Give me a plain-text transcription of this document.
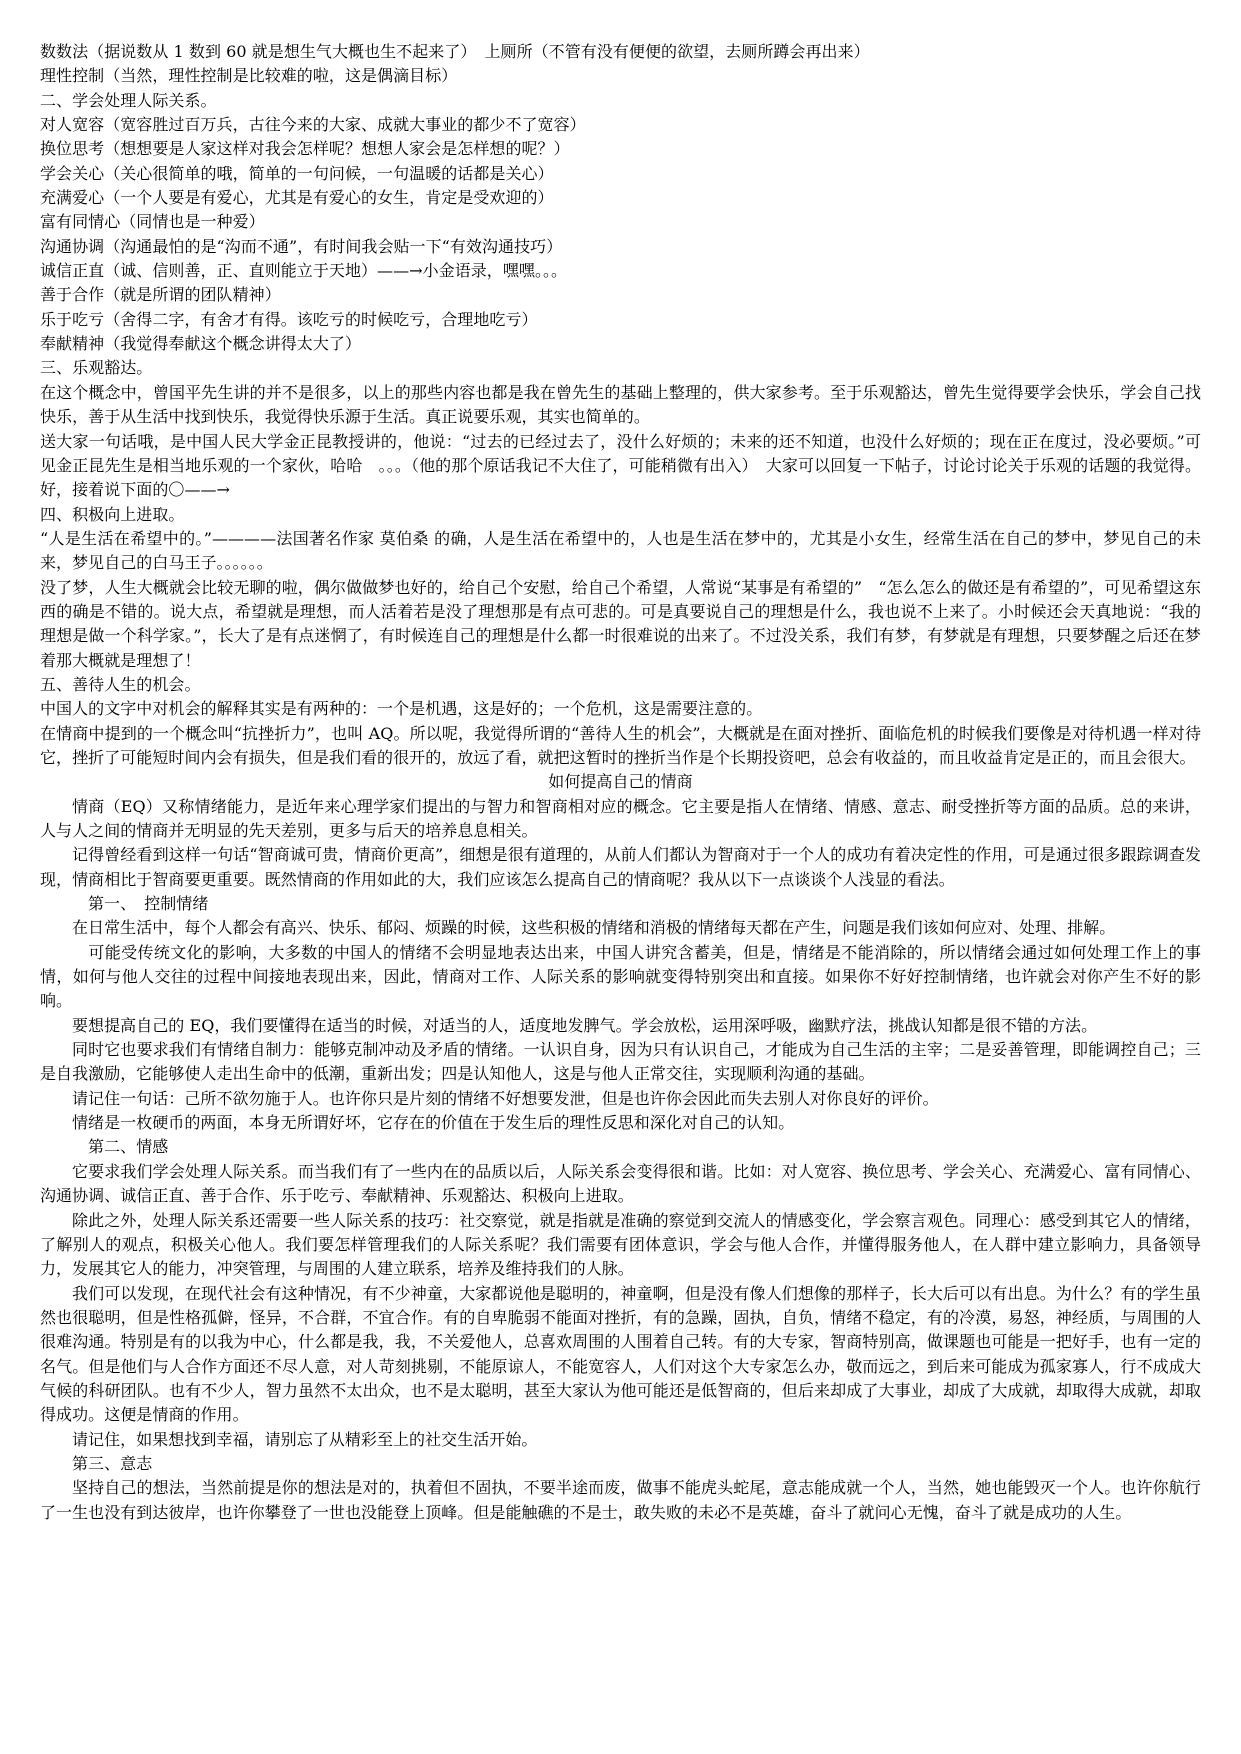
数数法（据说数从 1 数到 60 就是想生气大概也生不起来了）　上厕所（不管有没有便便的欲望，去厕所蹲会再出来）

理性控制（当然，理性控制是比较难的啦，这是偶滴目标）

二、学会处理人际关系。

对人宽容（宽容胜过百万兵，古往今来的大家、成就大事业的都少不了宽容）

换位思考（想想要是人家这样对我会怎样呢？想想人家会是怎样想的呢？）

学会关心（关心很简单的哦，简单的一句问候，一句温暖的话都是关心）

充满爱心（一个人要是有爱心，尤其是有爱心的女生，肯定是受欢迎的）

富有同情心（同情也是一种爱）

沟通协调（沟通最怕的是“沟而不通”，有时间我会贴一下“有效沟通技巧）

诚信正直（诚、信则善，正、直则能立于天地）——→小金语录，嘿嘿。。。

善于合作（就是所谓的团队精神）

乐于吃亏（舍得二字，有舍才有得。该吃亏的时候吃亏，合理地吃亏）

奉献精神（我觉得奉献这个概念讲得太大了）

三、乐观豁达。

在这个概念中，曾国平先生讲的并不是很多，以上的那些内容也都是我在曾先生的基础上整理的，供大家参考。至于乐观豁达，曾先生觉得要学会快乐，学会自己找快乐，善于从生活中找到快乐，我觉得快乐源于生活。真正说要乐观，其实也简单的。

送大家一句话哦，是中国人民大学金正昆教授讲的，他说：“过去的已经过去了，没什么好烦的；未来的还不知道，也没什么好烦的；现在正在度过，没必要烦。”可见金正昆先生是相当地乐观的一个家伙，哈哈　。。。（他的那个原话我记不大住了，可能稍微有出入）　大家可以回复一下帖子，讨论讨论关于乐观的话题的我觉得。好，接着说下面的〇——→

四、积极向上进取。

“人是生活在希望中的。”————法国著名作家 莫伯桑 的确，人是生活在希望中的，人也是生活在梦中的，尤其是小女生，经常生活在自己的梦中，梦见自己的未来，梦见自己的白马王子。。。。。。

没了梦，人生大概就会比较无聊的啦，偶尔做做梦也好的，给自己个安慰，给自己个希望，人常说“某事是有希望的”　“怎么怎么的做还是有希望的”，可见希望这东西的确是不错的。说大点，希望就是理想，而人活着若是没了理想那是有点可悲的。可是真要说自己的理想是什么，我也说不上来了。小时候还会天真地说：“我的理想是做一个科学家。”，长大了是有点迷惘了，有时候连自己的理想是什么都一时很难说的出来了。不过没关系，我们有梦，有梦就是有理想，只要梦醒之后还在梦着那大概就是理想了！

五、善待人生的机会。

中国人的文字中对机会的解释其实是有两种的：一个是机遇，这是好的；一个危机，这是需要注意的。

在情商中提到的一个概念叫“抗挫折力”，也叫 AQ。所以呢，我觉得所谓的“善待人生的机会”，大概就是在面对挫折、面临危机的时候我们要像是对待机遇一样对待它，挫折了可能短时间内会有损失，但是我们看的很开的，放远了看，就把这暂时的挫折当作是个长期投资吧，总会有收益的，而且收益肯定是正的，而且会很大。

如何提高自己的情商

情商（EQ）又称情绪能力，是近年来心理学家们提出的与智力和智商相对应的概念。它主要是指人在情绪、情感、意志、耐受挫折等方面的品质。总的来讲，人与人之间的情商并无明显的先天差别，更多与后天的培养息息相关。

记得曾经看到这样一句话“智商诚可贵，情商价更高”，细想是很有道理的，从前人们都认为智商对于一个人的成功有着决定性的作用，可是通过很多跟踪调查发现，情商相比于智商要更重要。既然情商的作用如此的大，我们应该怎么提高自己的情商呢？我从以下一点谈谈个人浅显的看法。

第一、　控制情绪

在日常生活中，每个人都会有高兴、快乐、郁闷、烦躁的时候，这些积极的情绪和消极的情绪每天都在产生，问题是我们该如何应对、处理、排解。

　可能受传统文化的影响，大多数的中国人的情绪不会明显地表达出来，中国人讲究含蓄美，但是，情绪是不能消除的，所以情绪会通过如何处理工作上的事情，如何与他人交往的过程中间接地表现出来，因此，情商对工作、人际关系的影响就变得特别突出和直接。如果你不好好控制情绪，也许就会对你产生不好的影响。

要想提高自己的 EQ，我们要懂得在适当的时候，对适当的人，适度地发脾气。学会放松，运用深呼吸，幽默疗法，挑战认知都是很不错的方法。

同时它也要求我们有情绪自制力：能够克制冲动及矛盾的情绪。一认识自身，因为只有认识自己，才能成为自己生活的主宰；二是妥善管理，即能调控自己；三是自我激励，它能够使人走出生命中的低潮，重新出发；四是认知他人，这是与他人正常交往，实现顺利沟通的基础。

请记住一句话：己所不欲勿施于人。也许你只是片刻的情绪不好想要发泄，但是也许你会因此而失去别人对你良好的评价。

情绪是一枚硬币的两面，本身无所谓好坏，它存在的价值在于发生后的理性反思和深化对自己的认知。

　第二、情感

它要求我们学会处理人际关系。而当我们有了一些内在的品质以后，人际关系会变得很和谐。比如：对人宽容、换位思考、学会关心、充满爱心、富有同情心、沟通协调、诚信正直、善于合作、乐于吃亏、奉献精神、乐观豁达、积极向上进取。

除此之外，处理人际关系还需要一些人际关系的技巧：社交察觉，就是指就是准确的察觉到交流人的情感变化，学会察言观色。同理心：感受到其它人的情绪，了解别人的观点，积极关心他人。我们要怎样管理我们的人际关系呢？我们需要有团体意识，学会与他人合作，并懂得服务他人，在人群中建立影响力，具备领导力，发展其它人的能力，冲突管理，与周围的人建立联系，培养及维持我们的人脉。

我们可以发现，在现代社会有这种情况，有不少神童，大家都说他是聪明的，神童啊，但是没有像人们想像的那样子，长大后可以有出息。为什么？有的学生虽然也很聪明，但是性格孤僻，怪异，不合群，不宜合作。有的自卑脆弱不能面对挫折，有的急躁，固执，自负，情绪不稳定，有的冷漠，易怒，神经质，与周围的人很难沟通。特别是有的以我为中心，什么都是我，我，不关爱他人，总喜欢周围的人围着自己转。有的大专家，智商特别高，做课题也可能是一把好手，也有一定的名气。但是他们与人合作方面还不尽人意，对人苛刻挑剔，不能原谅人，不能宽容人，人们对这个大专家怎么办，敬而远之，到后来可能成为孤家寡人，行不成成大气候的科研团队。也有不少人，智力虽然不太出众，也不是太聪明，甚至大家认为他可能还是低智商的，但后来却成了大事业，却成了大成就，却取得大成就，却取得成功。这便是情商的作用。

请记住，如果想找到幸福，请别忘了从精彩至上的社交生活开始。

第三、意志

坚持自己的想法，当然前提是你的想法是对的，执着但不固执，不要半途而废，做事不能虎头蛇尾，意志能成就一个人，当然，她也能毁灭一个人。也许你航行了一生也没有到达彼岸，也许你攀登了一世也没能登上顶峰。但是能触礁的不是士，敢失败的未必不是英雄，奋斗了就问心无愧，奋斗了就是成功的人生。
